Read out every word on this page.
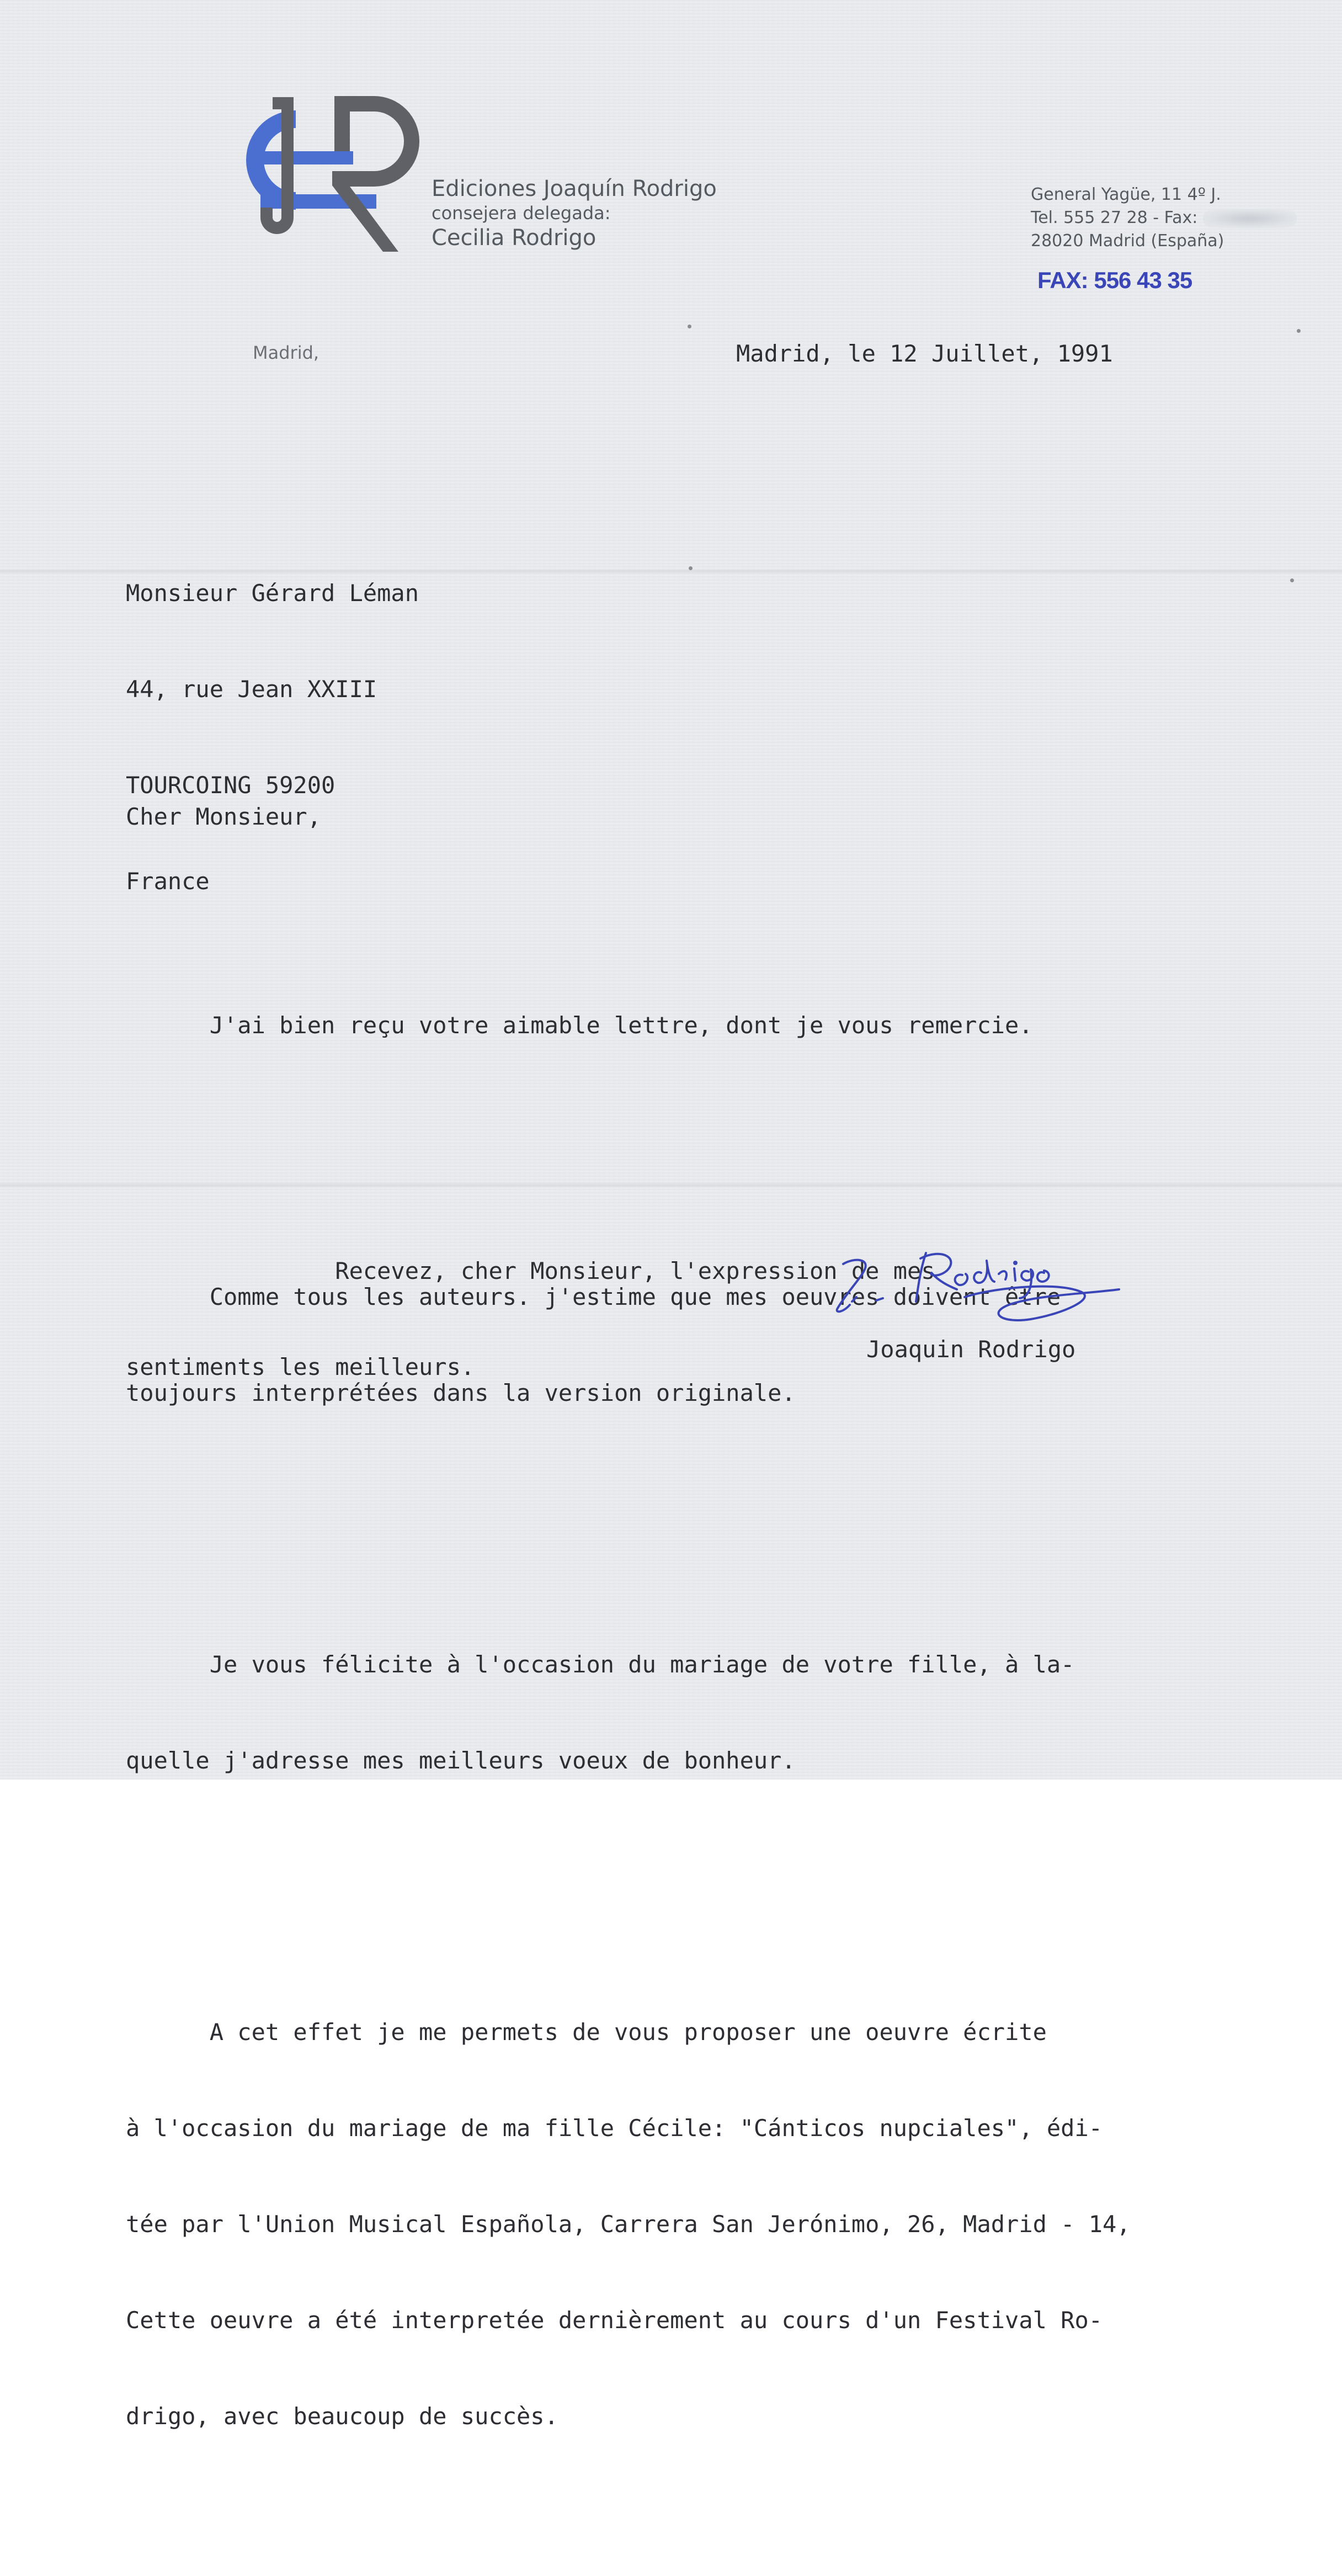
JER
Ediciones Joaquín Rodrigo
consejera delegada:
Cecilia Rodrigo
General Yagüe, 11 4º J.
Tel. 555 27 28 - Fax:
28020 Madrid (España)
FAX: 556 43 35
Madrid,	Madrid, le 12 Juillet, 1991

Monsieur Gérard Léman

44, rue Jean XXIII

TOURCOING 59200

France

Cher Monsieur,

J'ai bien reçu votre aimable lettre, dont je vous remercie.

Comme tous les auteurs. j'estime que mes oeuvres doivent être

toujours interprétées dans la version originale.

Je vous félicite à l'occasion du mariage de votre fille, à la-

quelle j'adresse mes meilleurs voeux de bonheur.

A cet effet je me permets de vous proposer une oeuvre écrite

à l'occasion du mariage de ma fille Cécile: "Cánticos nupciales", édi-

tée par l'Union Musical Española, Carrera San Jerónimo, 26, Madrid - 14,

Cette oeuvre a été interpretée dernièrement au cours d'un Festival Ro-

drigo, avec beaucoup de succès.

Recevez, cher Monsieur, l'expression de mes

sentiments les meilleurs.

J. Rodrigo
Joaquin Rodrigo
